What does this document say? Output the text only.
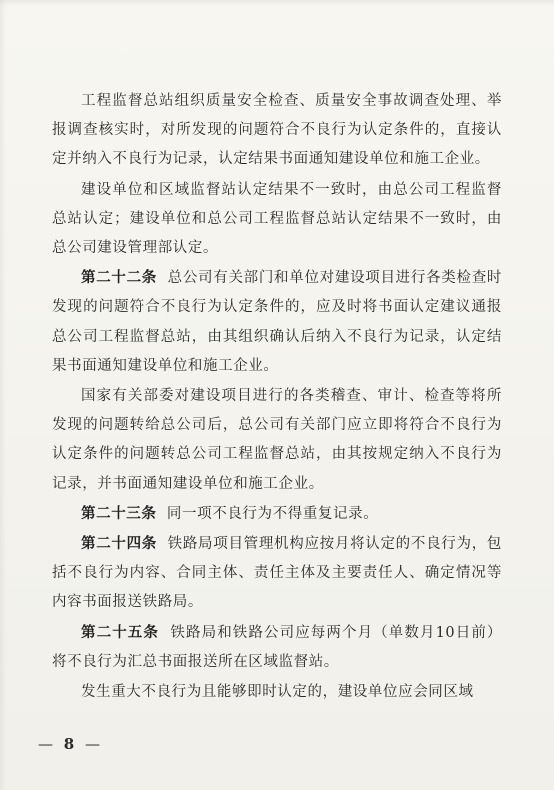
工程监督总站组织质量安全检查、质量安全事故调查处理、举报调查核实时，对所发现的问题符合不良行为认定条件的，直接认定并纳入不良行为记录，认定结果书面通知建设单位和施工企业。

建设单位和区域监督站认定结果不一致时，由总公司工程监督总站认定；建设单位和总公司工程监督总站认定结果不一致时，由总公司建设管理部认定。

第二十二条 总公司有关部门和单位对建设项目进行各类检查时发现的问题符合不良行为认定条件的，应及时将书面认定建议通报总公司工程监督总站，由其组织确认后纳入不良行为记录，认定结果书面通知建设单位和施工企业。

国家有关部委对建设项目进行的各类稽查、审计、检查等将所发现的问题转给总公司后，总公司有关部门应立即将符合不良行为认定条件的问题转总公司工程监督总站，由其按规定纳入不良行为记录，并书面通知建设单位和施工企业。

第二十三条 同一项不良行为不得重复记录。

第二十四条 铁路局项目管理机构应按月将认定的不良行为，包括不良行为内容、合同主体、责任主体及主要责任人、确定情况等内容书面报送铁路局。

第二十五条 铁路局和铁路公司应每两个月（单数月10日前）将不良行为汇总书面报送所在区域监督站。

发生重大不良行为且能够即时认定的，建设单位应会同区域

— 8 —
